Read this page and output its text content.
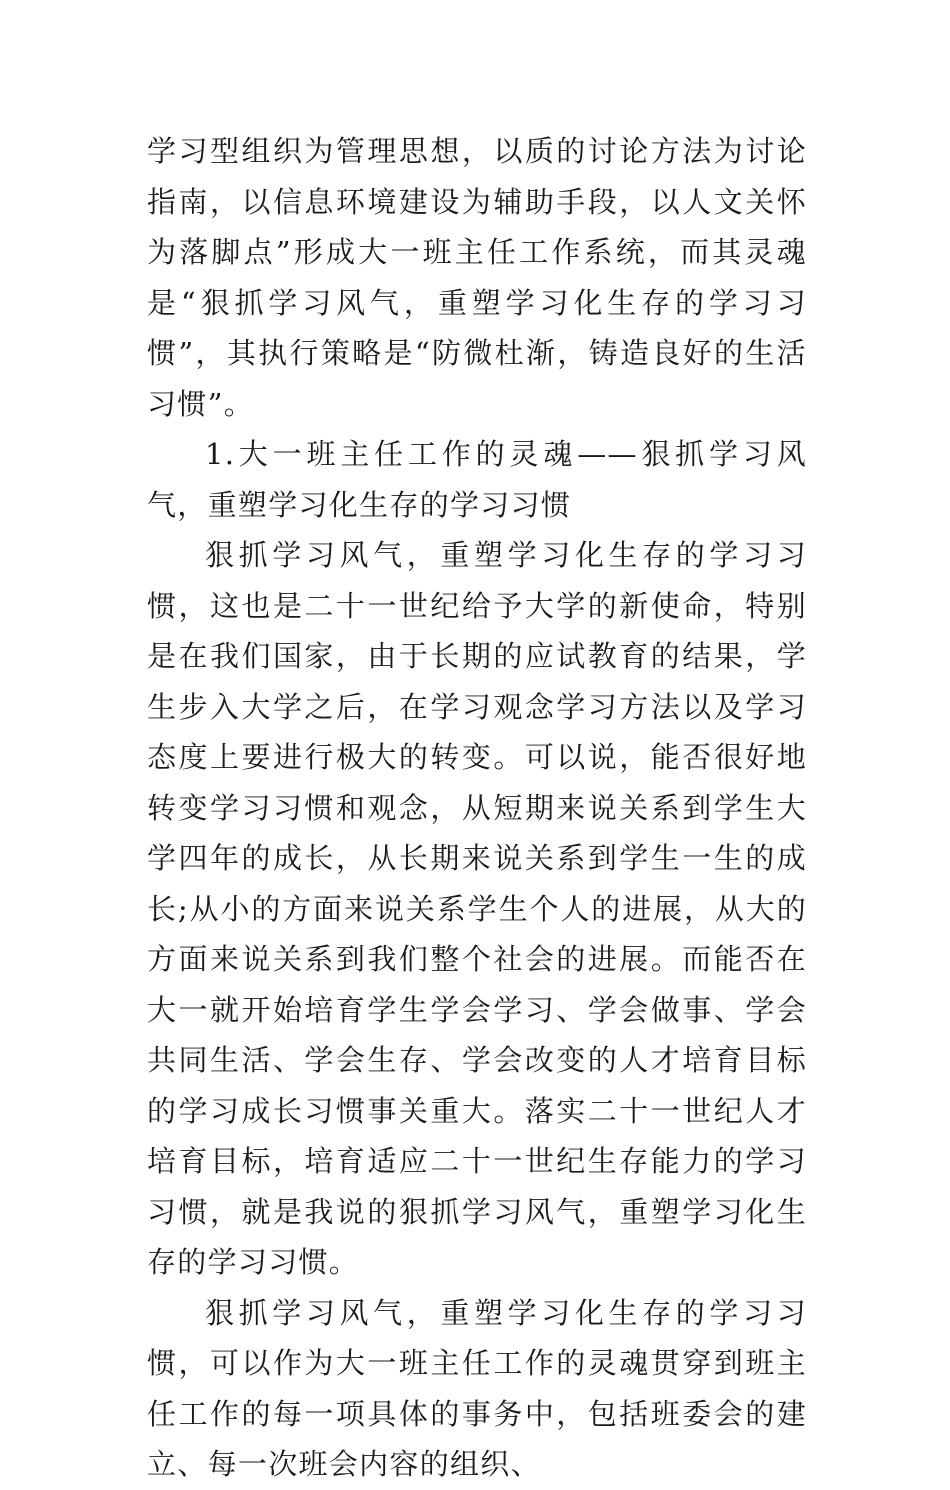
学习型组织为管理思想，以质的讨论方法为讨论指南，以信息环境建设为辅助手段，以人文关怀为落脚点”形成大一班主任工作系统，而其灵魂是“狠抓学习风气，重塑学习化生存的学习习惯”，其执行策略是“防微杜渐，铸造良好的生活习惯”。

1.大一班主任工作的灵魂——狠抓学习风气，重塑学习化生存的学习习惯

狠抓学习风气，重塑学习化生存的学习习惯，这也是二十一世纪给予大学的新使命，特别是在我们国家，由于长期的应试教育的结果，学生步入大学之后，在学习观念学习方法以及学习态度上要进行极大的转变。可以说，能否很好地转变学习习惯和观念，从短期来说关系到学生大学四年的成长，从长期来说关系到学生一生的成长;从小的方面来说关系学生个人的进展，从大的方面来说关系到我们整个社会的进展。而能否在大一就开始培育学生学会学习、学会做事、学会共同生活、学会生存、学会改变的人才培育目标的学习成长习惯事关重大。落实二十一世纪人才培育目标，培育适应二十一世纪生存能力的学习习惯，就是我说的狠抓学习风气，重塑学习化生存的学习习惯。

狠抓学习风气，重塑学习化生存的学习习惯，可以作为大一班主任工作的灵魂贯穿到班主任工作的每一项具体的事务中，包括班委会的建立、每一次班会内容的组织、
